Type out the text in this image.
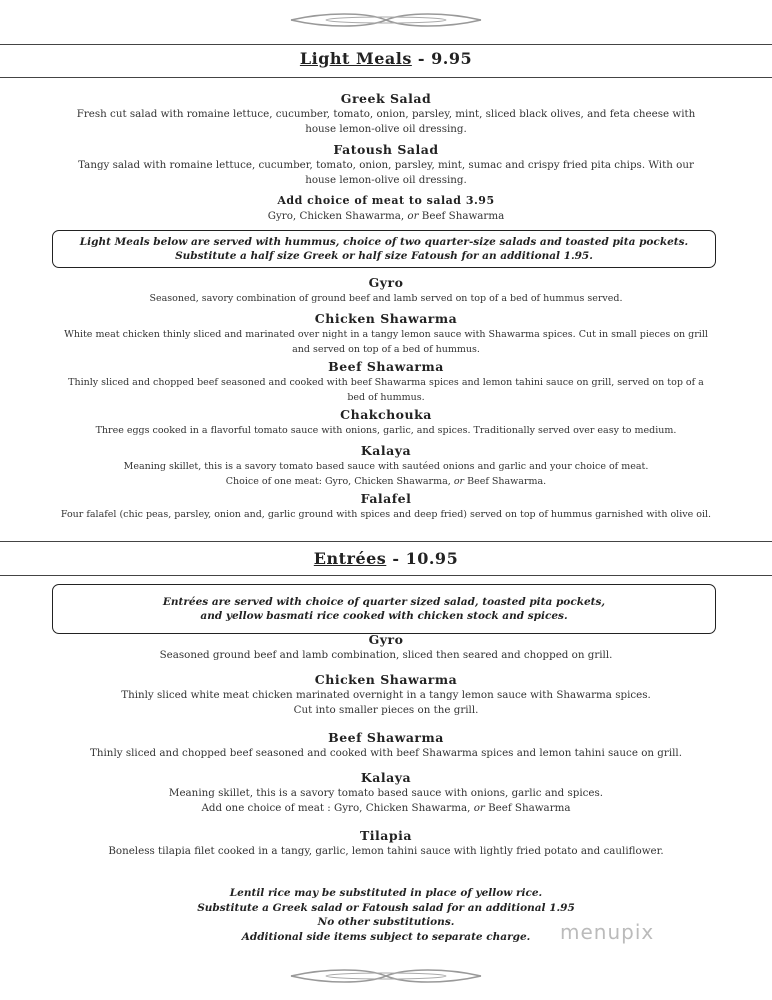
Light Meals - 9.95
Greek Salad
Fresh cut salad with romaine lettuce, cucumber, tomato, onion, parsley, mint, sliced black olives, and feta cheese with
house lemon-olive oil dressing.
Fatoush Salad
Tangy salad with romaine lettuce, cucumber, tomato, onion, parsley, mint, sumac and crispy fried pita chips. With our
house lemon-olive oil dressing.
Add choice of meat to salad 3.95
Gyro, Chicken Shawarma, or Beef Shawarma
Light Meals below are served with hummus, choice of two quarter-size salads and toasted pita pockets.
Substitute a half size Greek or half size Fatoush for an additional 1.95.
Gyro
Seasoned, savory combination of ground beef and lamb served on top of a bed of hummus served.
Chicken Shawarma
White meat chicken thinly sliced and marinated over night in a tangy lemon sauce with Shawarma spices. Cut in small pieces on grill
and served on top of a bed of hummus.
Beef Shawarma
Thinly sliced and chopped beef seasoned and cooked with beef Shawarma spices and lemon tahini sauce on grill, served on top of a
bed of hummus.
Chakchouka
Three eggs cooked in a flavorful tomato sauce with onions, garlic, and spices. Traditionally served over easy to medium.
Kalaya
Meaning skillet, this is a savory tomato based sauce with sautéed onions and garlic and your choice of meat.
Choice of one meat: Gyro, Chicken Shawarma, or Beef Shawarma.
Falafel
Four falafel (chic peas, parsley, onion and, garlic ground with spices and deep fried) served on top of hummus garnished with olive oil.
Entrées - 10.95
Entrées are served with choice of quarter sized salad, toasted pita pockets,
and yellow basmati rice cooked with chicken stock and spices.
Gyro
Seasoned ground beef and lamb combination, sliced then seared and chopped on grill.
Chicken Shawarma
Thinly sliced white meat chicken marinated overnight in a tangy lemon sauce with Shawarma spices.
Cut into smaller pieces on the grill.
Beef Shawarma
Thinly sliced and chopped beef seasoned and cooked with beef Shawarma spices and lemon tahini sauce on grill.
Kalaya
Meaning skillet, this is a savory tomato based sauce with onions, garlic and spices.
Add one choice of meat : Gyro, Chicken Shawarma, or Beef Shawarma
Tilapia
Boneless tilapia filet cooked in a tangy, garlic, lemon tahini sauce with lightly fried potato and cauliflower.
Lentil rice may be substituted in place of yellow rice.
Substitute a Greek salad or Fatoush salad for an additional 1.95
No other substitutions.
Additional side items subject to separate charge.	menupix
